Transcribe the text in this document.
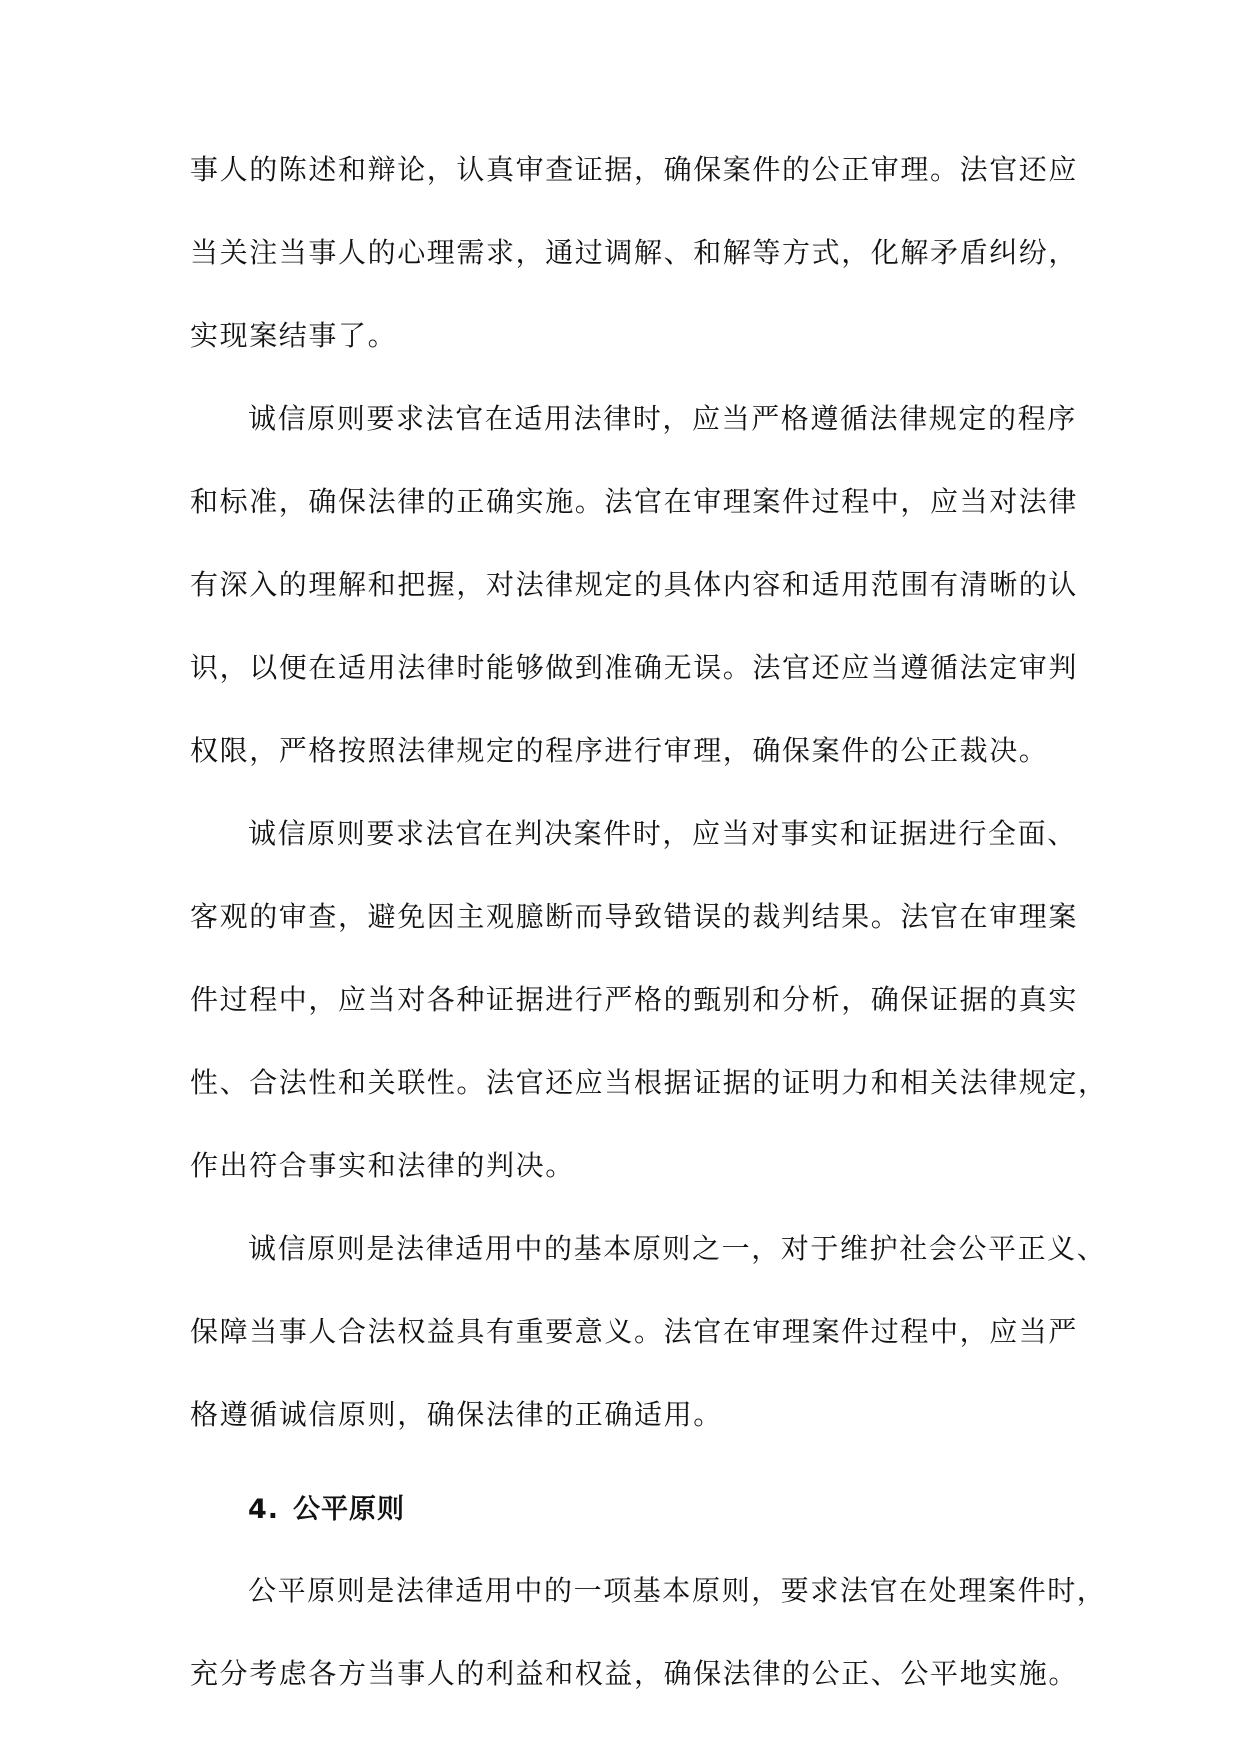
事人的陈述和辩论，认真审查证据，确保案件的公正审理。法官还应
当关注当事人的心理需求，通过调解、和解等方式，化解矛盾纠纷，
实现案结事了。
诚信原则要求法官在适用法律时，应当严格遵循法律规定的程序
和标准，确保法律的正确实施。法官在审理案件过程中，应当对法律
有深入的理解和把握，对法律规定的具体内容和适用范围有清晰的认
识，以便在适用法律时能够做到准确无误。法官还应当遵循法定审判
权限，严格按照法律规定的程序进行审理，确保案件的公正裁决。
诚信原则要求法官在判决案件时，应当对事实和证据进行全面、
客观的审查，避免因主观臆断而导致错误的裁判结果。法官在审理案
件过程中，应当对各种证据进行严格的甄别和分析，确保证据的真实
性、合法性和关联性。法官还应当根据证据的证明力和相关法律规定，
作出符合事实和法律的判决。
诚信原则是法律适用中的基本原则之一，对于维护社会公平正义、
保障当事人合法权益具有重要意义。法官在审理案件过程中，应当严
格遵循诚信原则，确保法律的正确适用。
4. 公平原则
公平原则是法律适用中的一项基本原则，要求法官在处理案件时，
充分考虑各方当事人的利益和权益，确保法律的公正、公平地实施。
